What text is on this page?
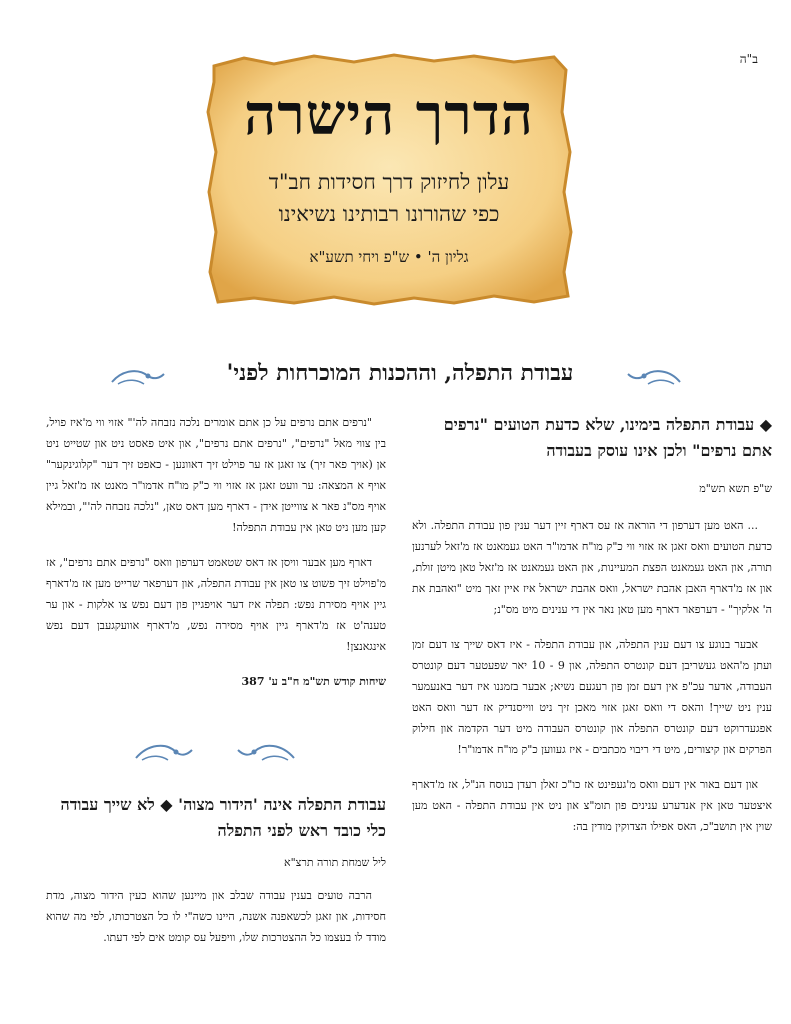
ב"ה
הדרך הישרה
עלון לחיזוק דרך חסידות חב"ד
כפי שהורונו רבותינו נשיאינו
גליון ה' • ש"פ ויחי תשע"א
עבודת התפלה, וההכנות המוכרחות לפני'
◆ עבודת התפלה בימינו, שלא כדעת הטועים "נרפים אתם נרפים" ולכן אינו עוסק בעבודה
ש"פ תשא תש"מ

... האט מען דערפון די הוראה אז עס דארף זיין דער ענין פון עבודת התפלה. ולא כדעת הטועים וואס זאגן אז אזוי ווי כ"ק מו"ח אדמו"ר האט געמאנט אז מ'זאל לערנען תורה, און האט געמאנט הפצת המעיינות, און האט געמאנט אז מ'זאל טאן מיטן זולת, און אז מ'דארף האבן אהבת ישראל, וואס אהבת ישראל איז איין זאך מיט "ואהבת את ה' אלקיך" - דערפאר דארף מען טאן נאר אין די ענינים מיט מס"נ;

אבער בנוגע צו דעם ענין התפלה, און עבודת התפלה - איז דאס שייך צו דעם זמן ועתן מ'האט געשריבן דעם קונטרס התפלה, און 9 - 10 יאר שפעטער דעם קונטרס העבודה, אדער עכ"פ אין דעם זמן פון רעגעם נשיא; אבער בזמננו איז דער באנעמער ענין ניט שייך! והאס די וואס זאגן אזוי מאכן זיך ניט ווייסנדיק אז דער וואס האט אפגעדרוקט דעם קונטרס התפלה און קונטרס העבודה מיט דער הקדמה און חילוק הפרקים און קיצורים, מיט די ריבוי מכתבים - איז געווען כ"ק מו"ח אדמו"ר!

און דעם באור אין דעם וואס מ'געפינט אז כו"כ זאלן רעדן בנוסח הנ"ל, אז מ'דארף איצטער טאן אין אנדערע ענינים פון תומ"צ און ניט אין עבודת התפלה - האט מען שוין אין תושב"כ, האס אפילו הצדוקין מודין בה:

"נרפים אתם נרפים על כן אתם אומרים נלכה נזבחה לה'" אזוי ווי מ'איז פויל, בין צווי מאל "נרפים", "נרפים אתם נרפים", און איט פאסט ניט און שטייט ניט אן (אויך פאר זיך) צו זאגן אז ער פוילט זיך דאוונען - כאפט זיך דער "קלוגינקער" אויף א המצאה: ער וועט זאגן אז אזוי ווי כ"ק מו"ח אדמו"ר מאנט אז מ'זאל גיין אויף מס"נ פאר א צווייטן אידן - דארף מען דאס טאן, "נלכה נזבחה לה'", ובמילא קען מען ניט טאן אין עבודת התפלה!

דארף מען אבער וויסן אז דאס שטאמט דערפון וואס "נרפים אתם נרפים", אז מ'פוילט זיך פשוט צו טאן אין עבודת התפלה, און דערפאר שרייט מען אז מ'דארף גיין אויף מסירת נפש: תפלה איז דער אויפגיין פון דעם נפש צו אלקות - און ער טענה'ט אז מ'דארף גיין אויף מסירה נפש, מ'דארף אוועקגעבן דעם נפש אינגאנצן!

שיחות קודש תש"מ ח"ב ע' 387
עבודת התפלה אינה 'הידור מצוה' ◆ לא שייך עבודה כלי כובד ראש לפני התפלה
ליל שמחת תורה תרצ"א

הרבה טועים בענין עבודה שבלב און מיינען שהוא כעין הידור מצוה, מדת חסידות, און זאגן לכשאפנה אשנה, היינו כשה"י לו כל הצטרכותו, לפי מה שהוא מודד לו בעצמו כל ההצטרכות שלו, וויפעל עס קומט אים לפי דעתו.
